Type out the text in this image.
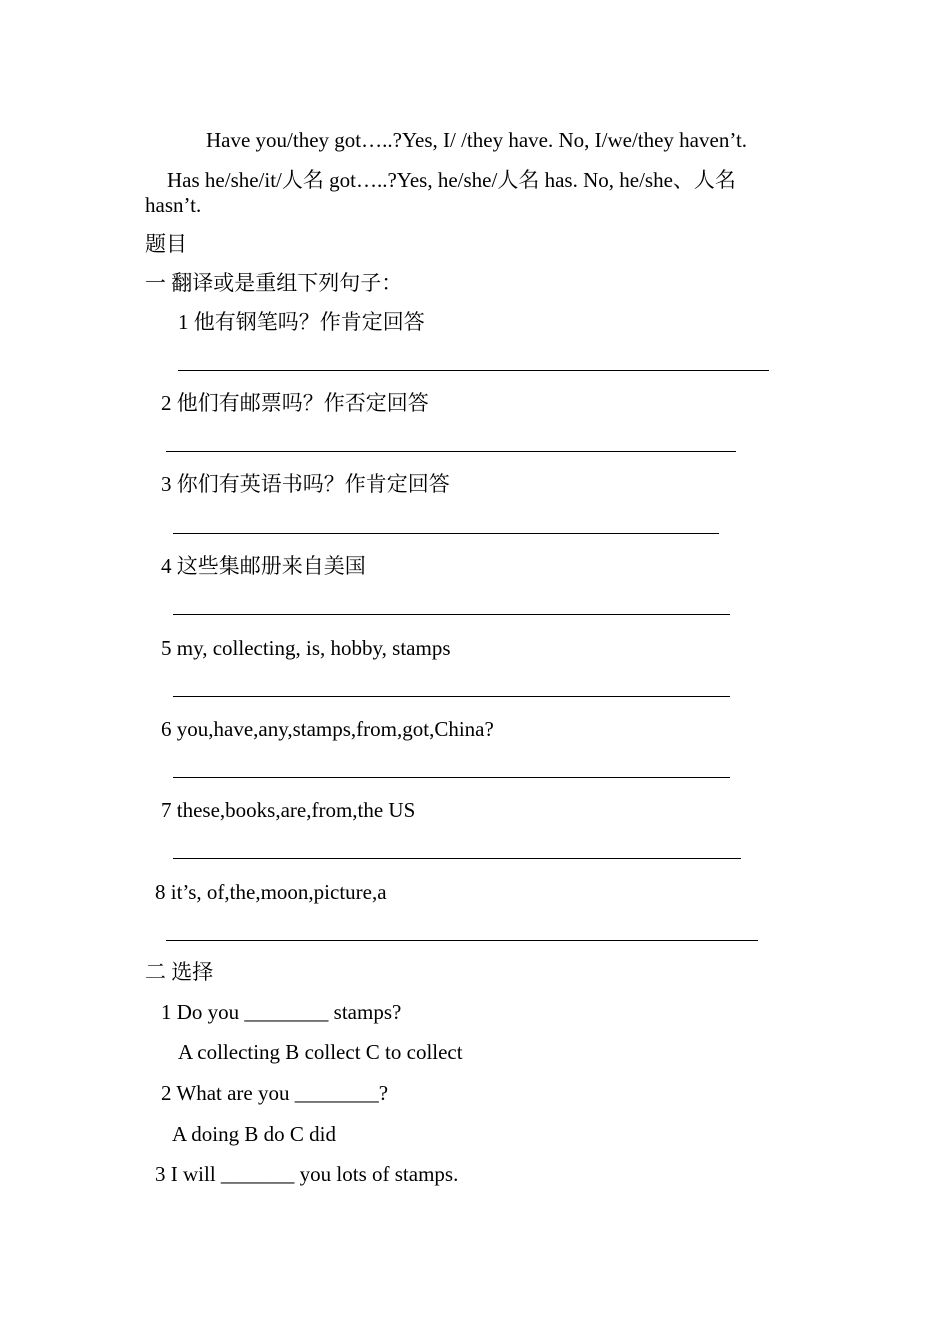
Have you/they got…..?Yes, I/ /they have. No, I/we/they haven’t.
Has he/she/it/人名 got…..?Yes, he/she/人名 has. No, he/she、人名
hasn’t.
题目
一 翻译或是重组下列句子：
1 他有钢笔吗？作肯定回答
2 他们有邮票吗？作否定回答
3 你们有英语书吗？作肯定回答
4 这些集邮册来自美国
5 my, collecting, is, hobby, stamps
6 you,have,any,stamps,from,got,China?
7 these,books,are,from,the US
8 it’s, of,the,moon,picture,a
二 选择
1 Do you ________ stamps?
A collecting B collect C to collect
2 What are you ________?
A doing B do C did
3 I will _______ you lots of stamps.
